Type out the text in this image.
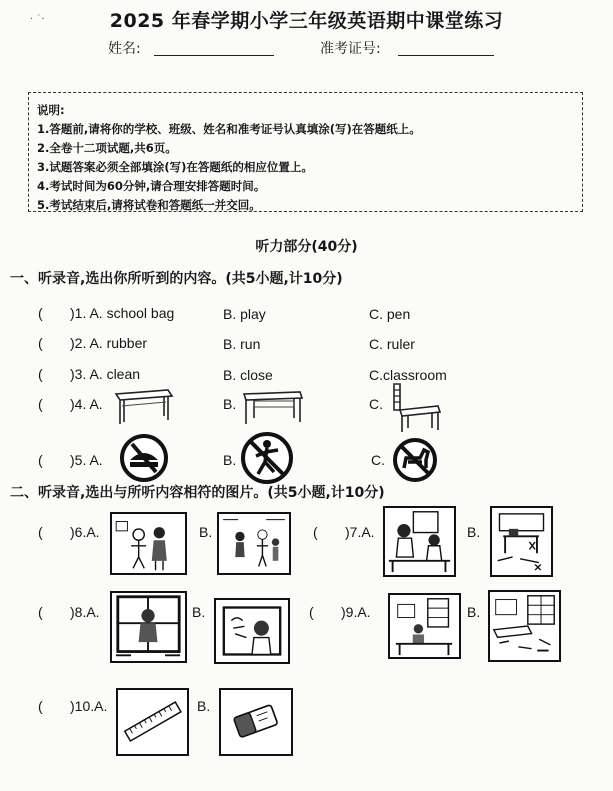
· ˙·	2025 年春学期小学三年级英语期中课堂练习
姓名:	准考证号:
说明:
1.答题前,请将你的学校、班级、姓名和准考证号认真填涂(写)在答题纸上。
2.全卷十二项试题,共6页。
3.试题答案必须全部填涂(写)在答题纸的相应位置上。
4.考试时间为60分钟,请合理安排答题时间。
5.考试结束后,请将试卷和答题纸一并交回。
听力部分(40分)
一、听录音,选出你所听到的内容。(共5小题,计10分)
( )1. A. school bag	B. play	C. pen
( )2. A. rubber	B. run	C. ruler
( )3. A. clean	B. close	C.classroom
( )4. A.	B.	C.
( )5. A.	B.	C.
二、听录音,选出与所听内容相符的图片。(共5小题,计10分)
( )6.A.	B.	( )7.A.	B.
( )8.A.	B.	( )9.A.	B.
( )10.A.	B.
